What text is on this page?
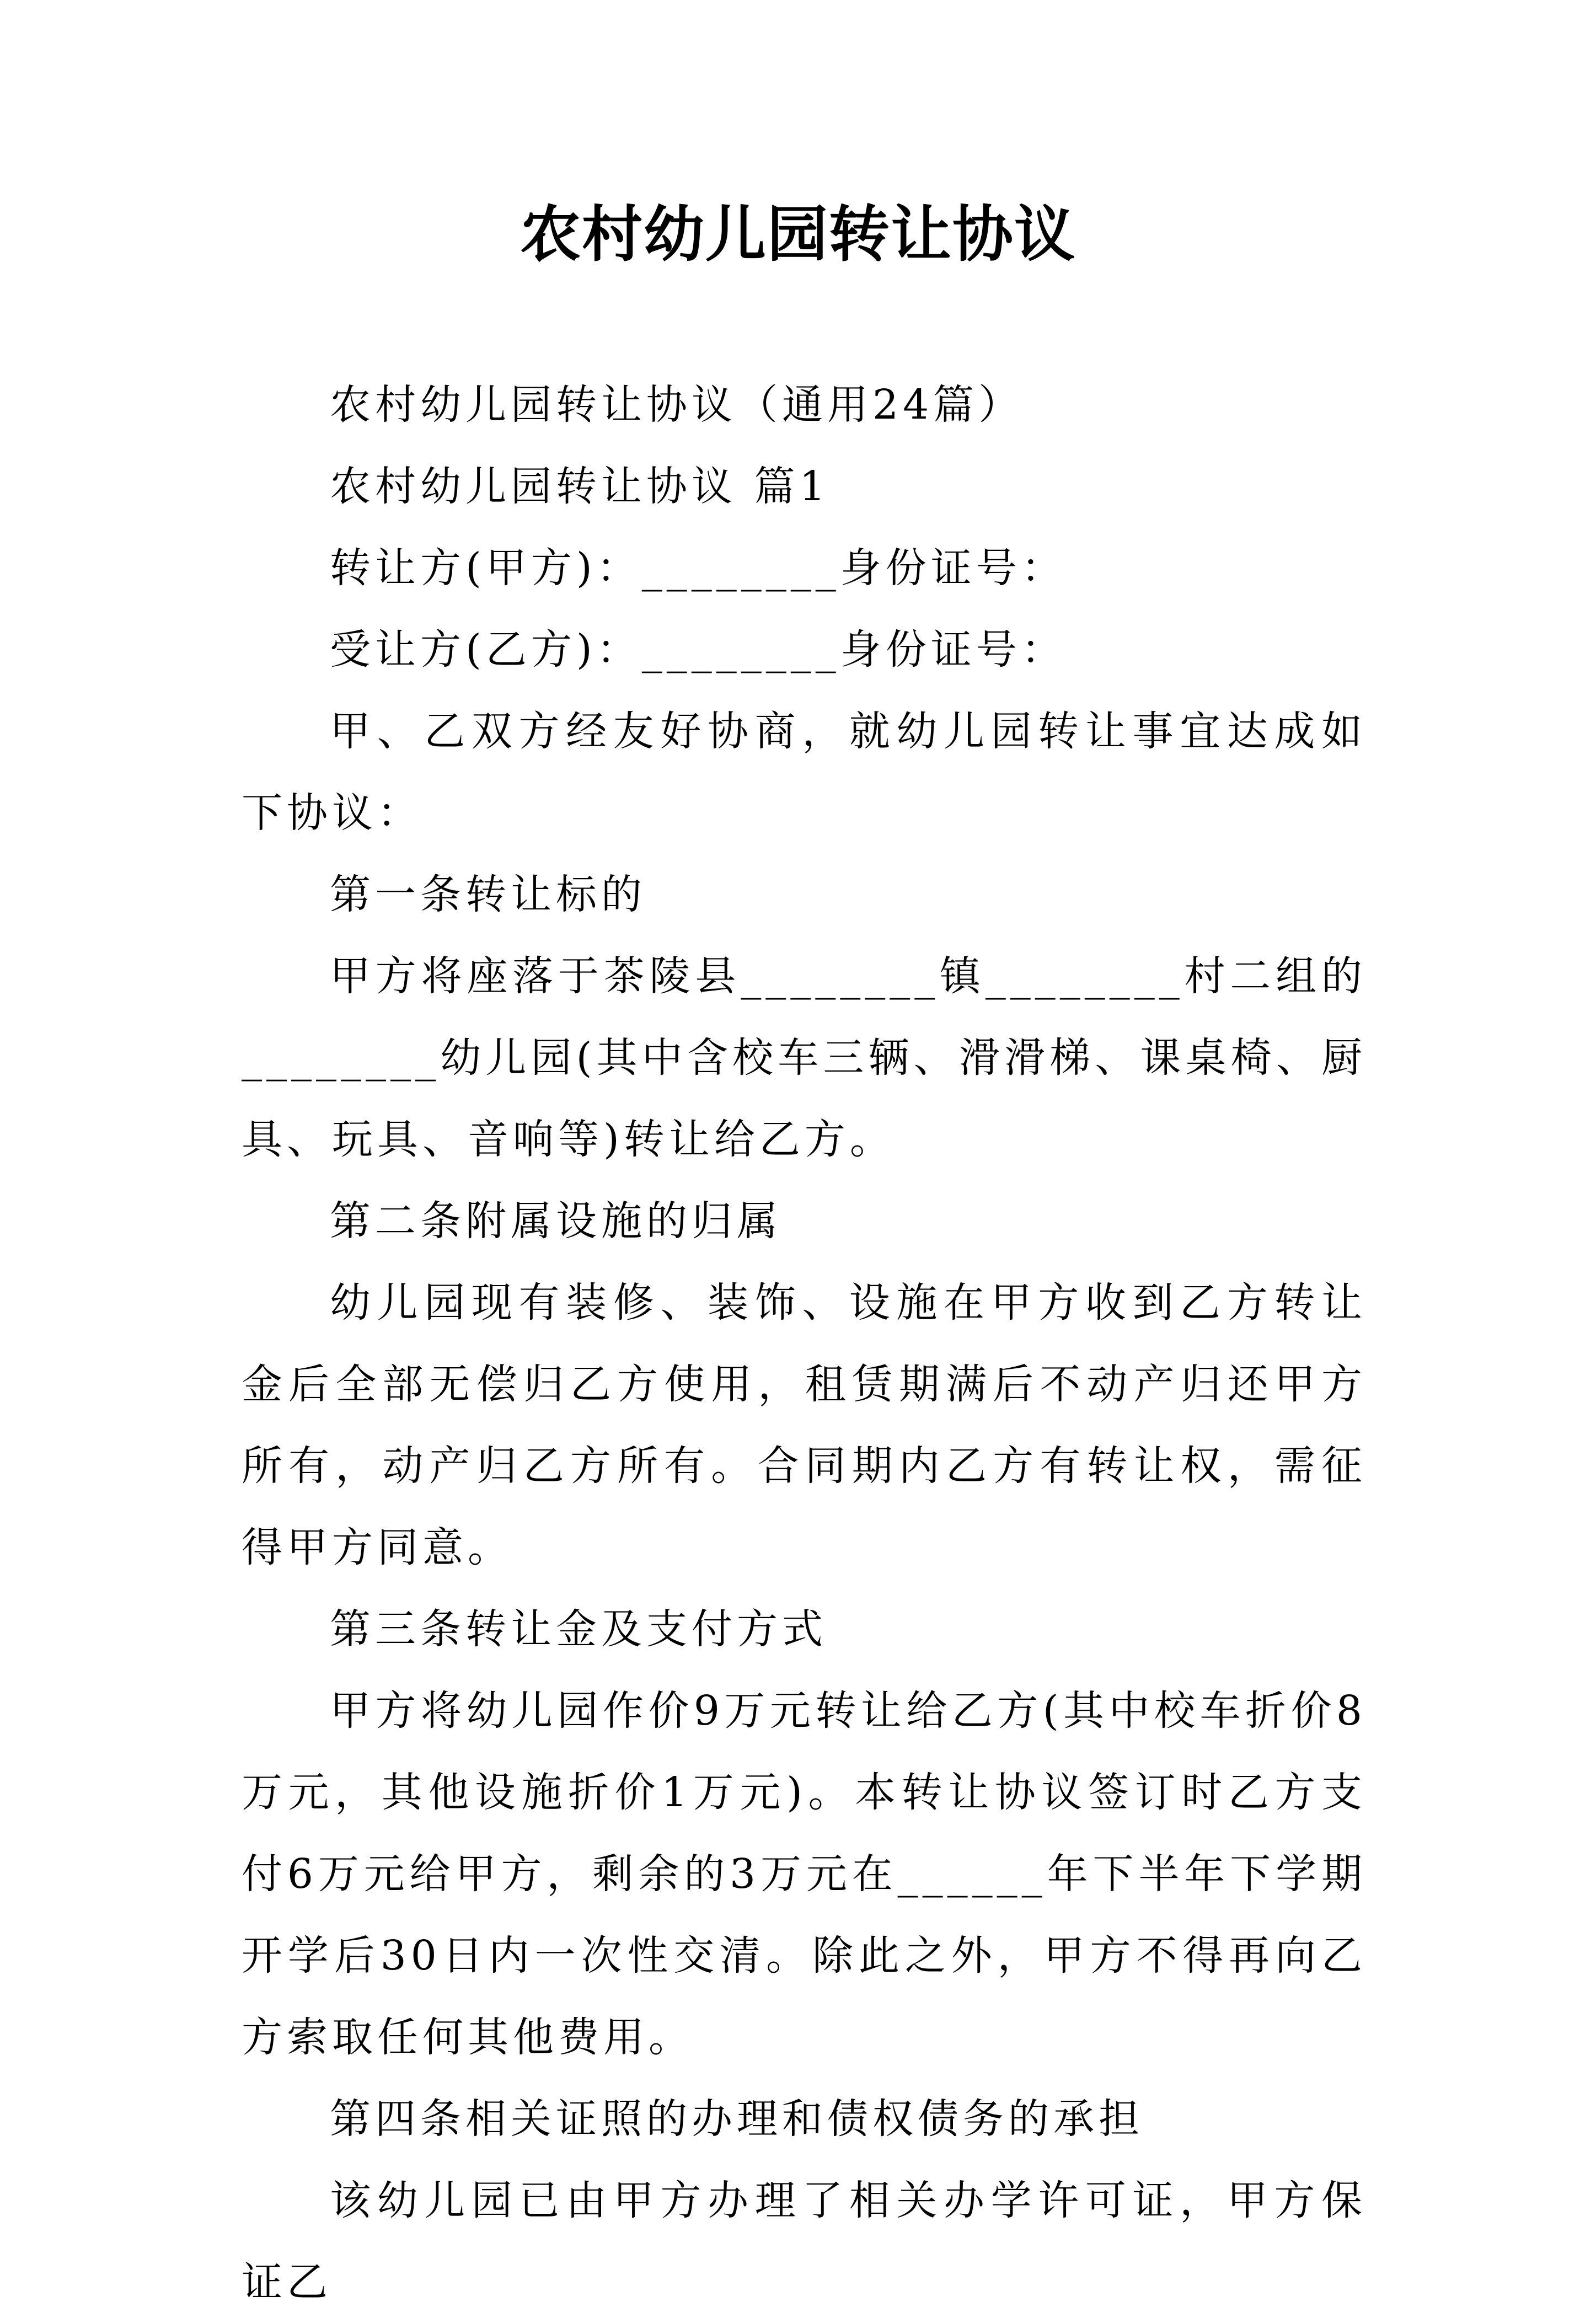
农村幼儿园转让协议

农村幼儿园转让协议（通用24篇）

农村幼儿园转让协议 篇1

转让方(甲方)：________身份证号：

受让方(乙方)：________身份证号：

甲、乙双方经友好协商，就幼儿园转让事宜达成如下协议：

第一条转让标的

甲方将座落于茶陵县________镇________村二组的________幼儿园(其中含校车三辆、滑滑梯、课桌椅、厨具、玩具、音响等)转让给乙方。

第二条附属设施的归属

幼儿园现有装修、装饰、设施在甲方收到乙方转让金后全部无偿归乙方使用，租赁期满后不动产归还甲方所有，动产归乙方所有。合同期内乙方有转让权，需征得甲方同意。

第三条转让金及支付方式

甲方将幼儿园作价9万元转让给乙方(其中校车折价8万元，其他设施折价1万元)。本转让协议签订时乙方支付6万元给甲方，剩余的3万元在______年下半年下学期开学后30日内一次性交清。除此之外，甲方不得再向乙方索取任何其他费用。

第四条相关证照的办理和债权债务的承担

该幼儿园已由甲方办理了相关办学许可证，甲方保证乙
